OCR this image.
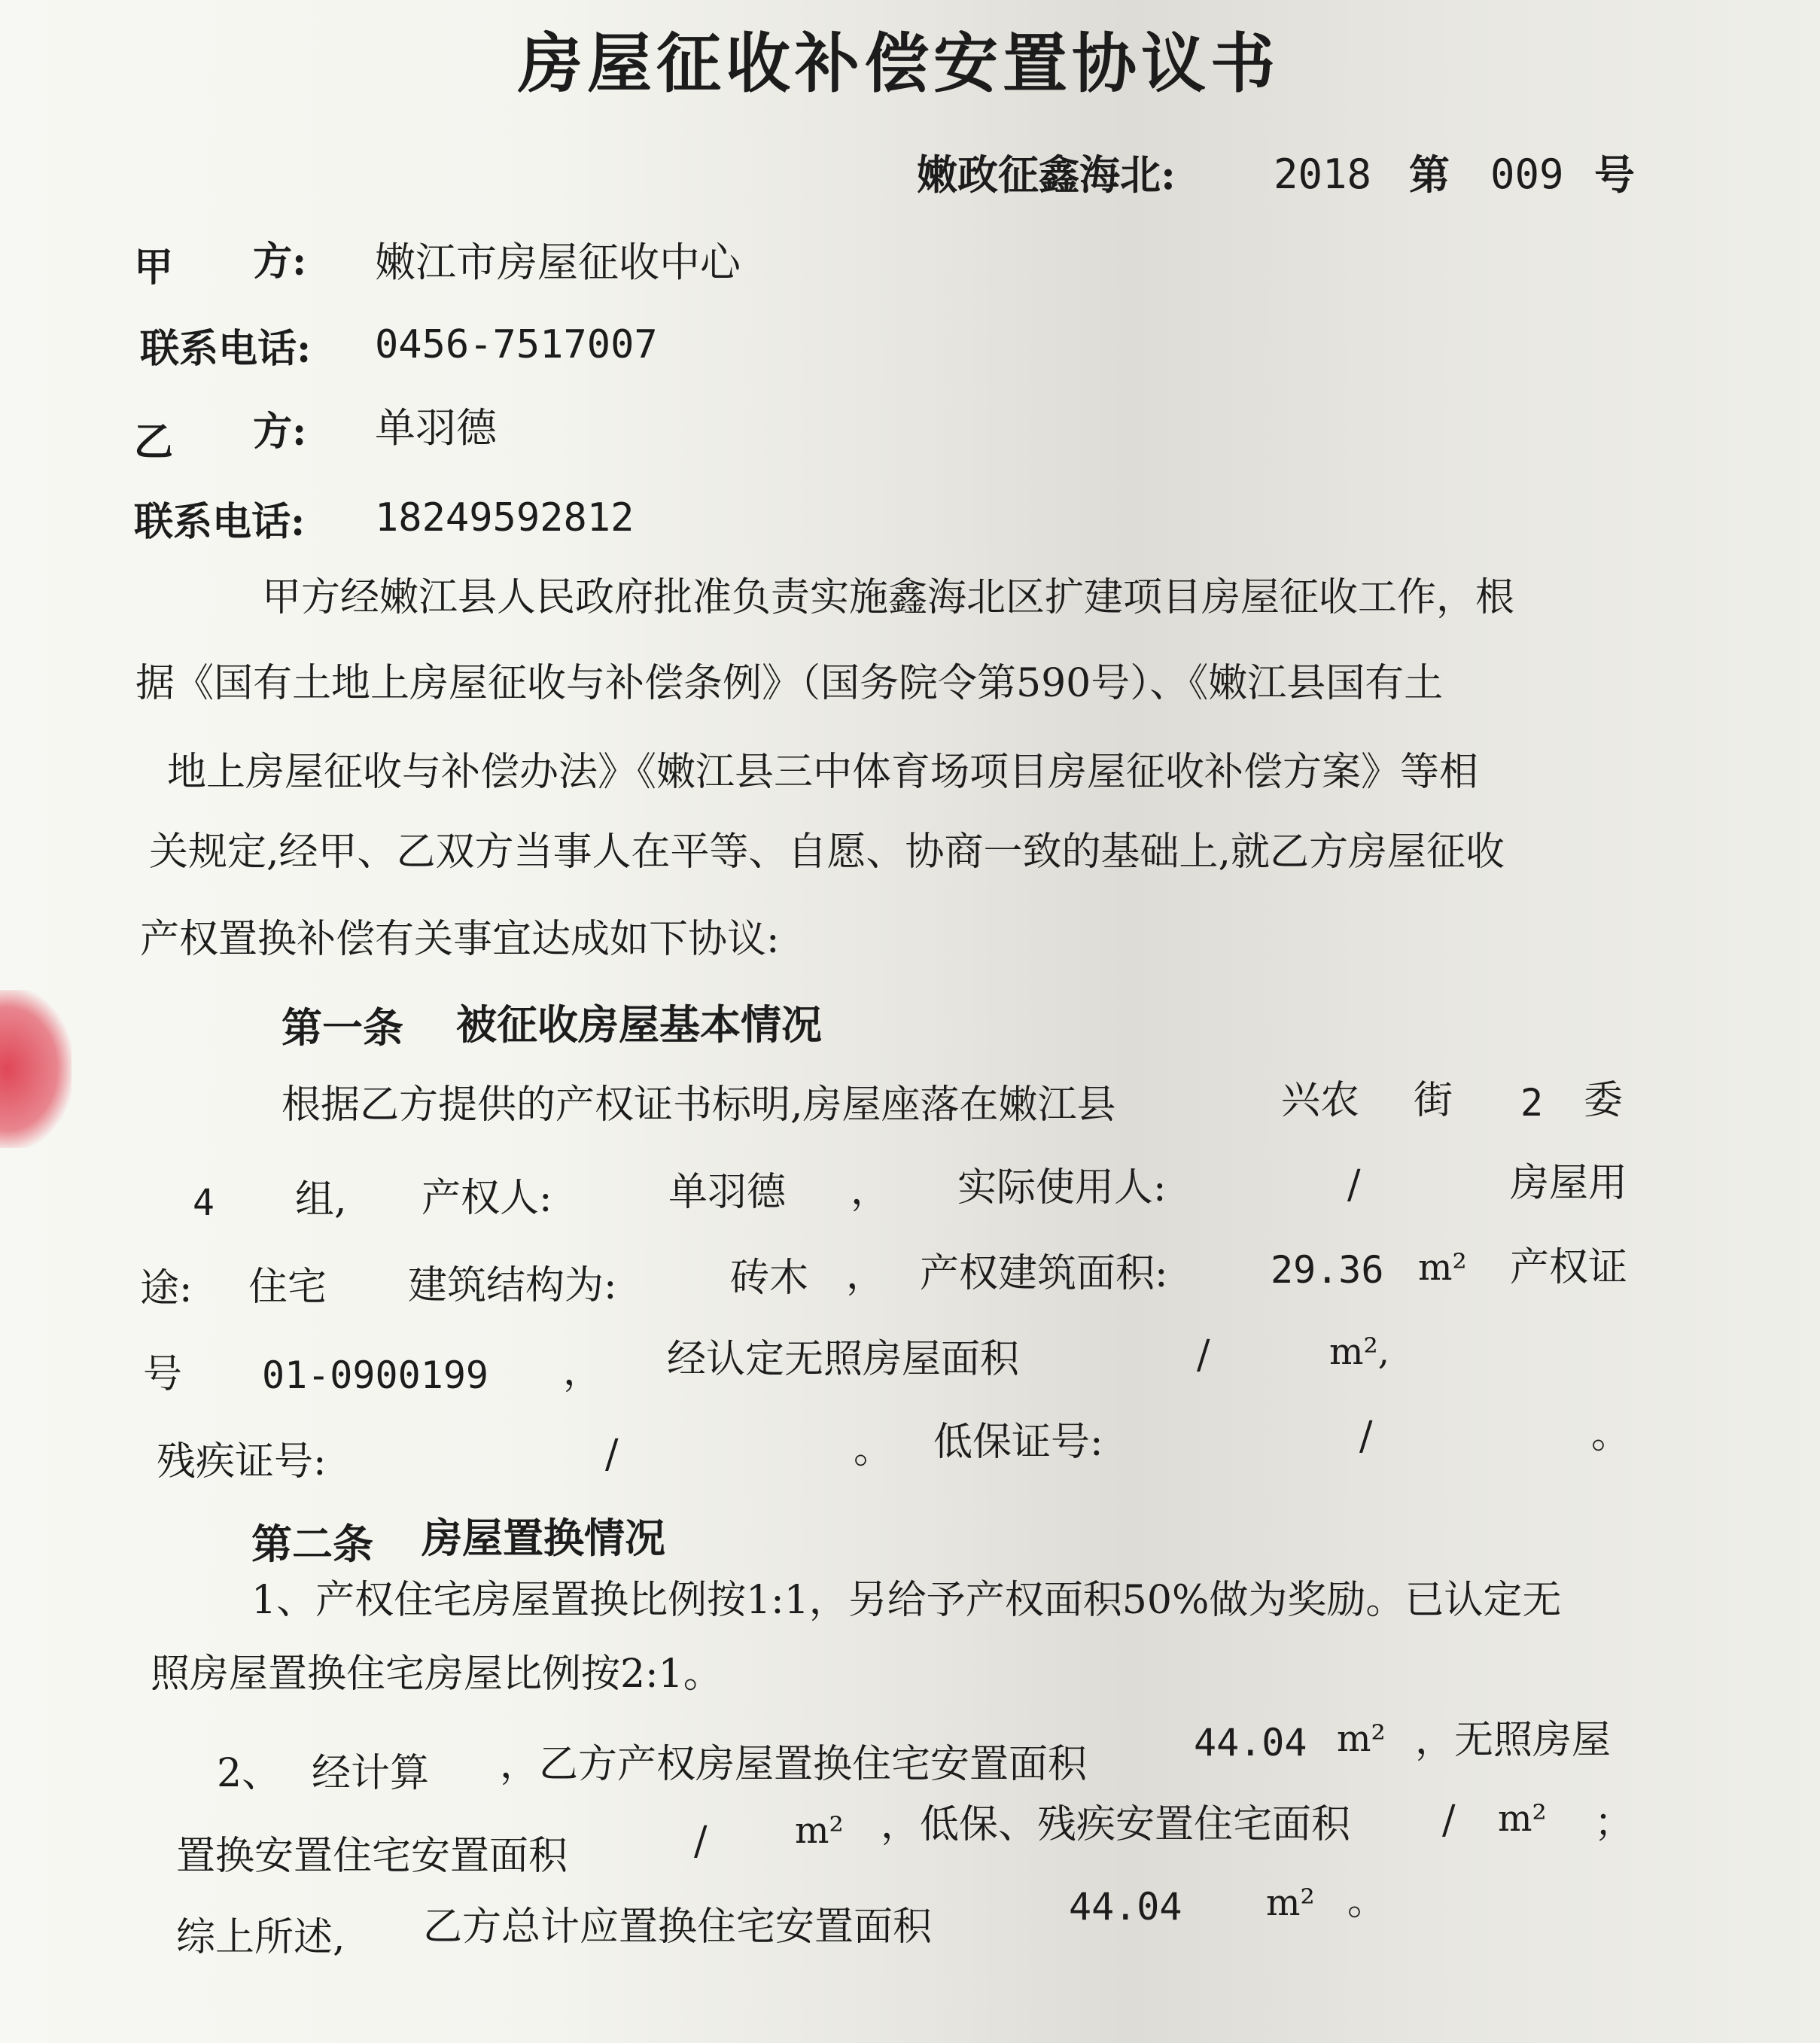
房屋征收补偿安置协议书
嫩政征鑫海北: 2018 第 009 号
甲 方: 嫩江市房屋征收中心
联系电话: 0456-7517007
乙 方: 单羽德
联系电话: 18249592812
甲方经嫩江县人民政府批准负责实施鑫海北区扩建项目房屋征收工作，根
据《国有土地上房屋征收与补偿条例》（国务院令第590号）、《嫩江县国有土
地上房屋征收与补偿办法》《嫩江县三中体育场项目房屋征收补偿方案》等相
关规定,经甲、乙双方当事人在平等、自愿、协商一致的基础上,就乙方房屋征收
产权置换补偿有关事宜达成如下协议:
第一条 被征收房屋基本情况
根据乙方提供的产权证书标明,房屋座落在嫩江县	兴农 街 2 委
4 组, 产权人:	单羽德 ， 实际使用人:	/	房屋用
途: 住宅 建筑结构为:	砖木 ， 产权建筑面积:	29.36 m² 产权证
号 01-0900199 ， 经认定无照房屋面积	/	m²,
残疾证号:	/	。 低保证号:	/	。
第二条 房屋置换情况
1、产权住宅房屋置换比例按1:1，另给予产权面积50%做为奖励。已认定无
照房屋置换住宅房屋比例按2:1。
2、 经计算 ，乙方产权房屋置换住宅安置面积	44.04 m² ，无照房屋
置换安置住宅安置面积	/ m² ，低保、残疾安置住宅面积 / m² ；
综上所述, 乙方总计应置换住宅安置面积	44.04 m² 。
